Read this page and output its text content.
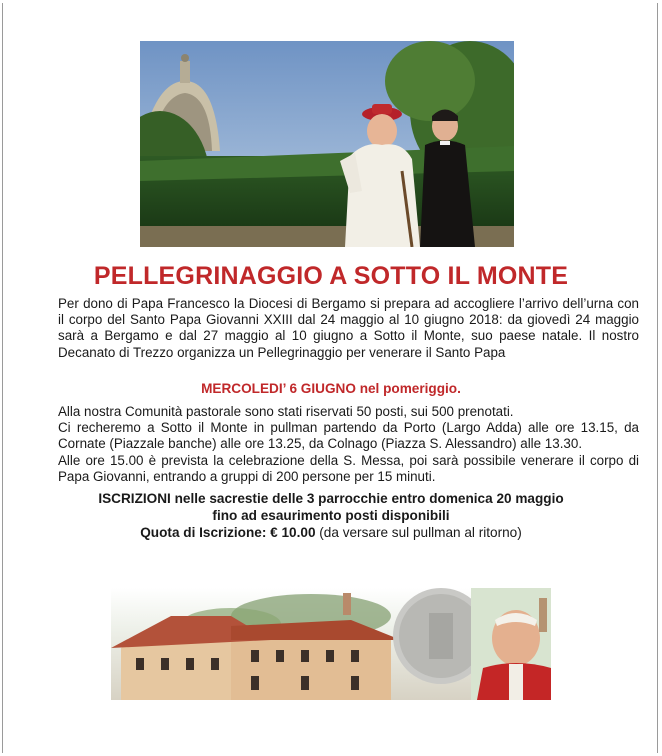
PELLEGRINAGGIO A SOTTO IL MONTE
Per dono di Papa Francesco la Diocesi di Bergamo si prepara ad accogliere l’arrivo dell’urna con il corpo del Santo Papa Giovanni XXIII dal 24 maggio al 10 giugno 2018: da giovedì 24 maggio sarà a Bergamo e dal 27 maggio al 10 giugno a Sotto il Monte, suo paese natale. Il nostro Decanato di Trezzo organizza un Pellegrinaggio per venerare il Santo Papa
MERCOLEDI’ 6 GIUGNO nel pomeriggio.
Alla nostra Comunità pastorale sono stati riservati 50 posti, sui 500 prenotati.
Ci recheremo a Sotto il Monte in pullman partendo da Porto (Largo Adda) alle ore 13.15, da Cornate (Piazzale banche) alle ore 13.25, da Colnago (Piazza S. Alessandro) alle 13.30.
Alle ore 15.00 è prevista la celebrazione della S. Messa, poi sarà possibile venerare il corpo di Papa Giovanni, entrando a gruppi di 200 persone per 15 minuti.
ISCRIZIONI nelle sacrestie delle 3 parrocchie entro domenica 20 maggio
fino ad esaurimento posti disponibili
Quota di Iscrizione: € 10.00 (da versare sul pullman al ritorno)
